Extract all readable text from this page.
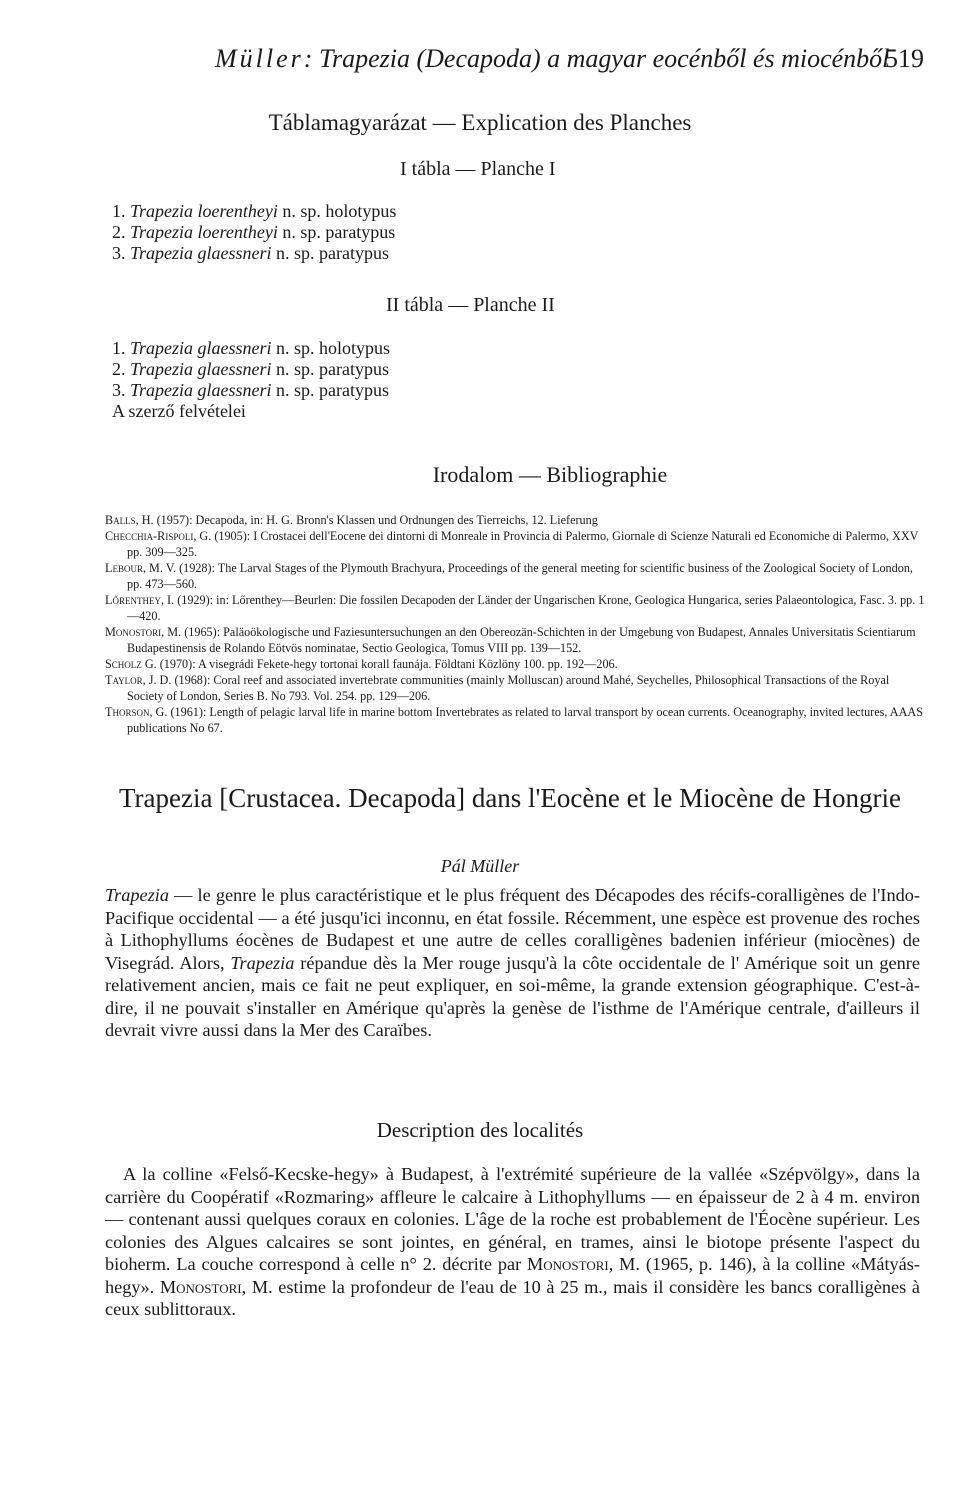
Müller: Trapezia (Decapoda) a magyar eocénből és miocénből
519
Táblamagyarázat — Explication des Planches
I tábla — Planche I
1. Trapezia loerentheyi n. sp. holotypus
2. Trapezia loerentheyi n. sp. paratypus
3. Trapezia glaessneri n. sp. paratypus
II tábla — Planche II
1. Trapezia glaessneri n. sp. holotypus
2. Trapezia glaessneri n. sp. paratypus
3. Trapezia glaessneri n. sp. paratypus
A szerző felvételei
Irodalom — Bibliographie

Balls, H. (1957): Decapoda, in: H. G. Bronn's Klassen und Ordnungen des Tierreichs, 12. Lieferung

Checchia-Rispoli, G. (1905): I Crostacei dell'Eocene dei dintorni di Monreale in Provincia di Palermo, Giornale di Scienze Naturali ed Economiche di Palermo, XXV pp. 309—325.

Lebour, M. V. (1928): The Larval Stages of the Plymouth Brachyura, Proceedings of the general meeting for scientific business of the Zoological Society of London, pp. 473—560.

Lőrenthey, I. (1929): in: Lőrenthey—Beurlen: Die fossilen Decapoden der Länder der Ungarischen Krone, Geologica Hungarica, series Palaeontologica, Fasc. 3. pp. 1—420.

Monostori, M. (1965): Paläoökologische und Faziesuntersuchungen an den Obereozän-Schichten in der Umgebung von Budapest, Annales Universitatis Scientiarum Budapestinensis de Rolando Eötvös nominatae, Sectio Geologica, Tomus VIII pp. 139—152.

Scholz G. (1970): A visegrádi Fekete-hegy tortonai korall faunája. Földtani Közlöny 100. pp. 192—206.

Taylor, J. D. (1968): Coral reef and associated invertebrate communities (mainly Molluscan) around Mahé, Seychelles, Philosophical Transactions of the Royal Society of London, Series B. No 793. Vol. 254. pp. 129—206.

Thorson, G. (1961): Length of pelagic larval life in marine bottom Invertebrates as related to larval transport by ocean currents. Oceanography, invited lectures, AAAS publications No 67.

Trapezia [Crustacea. Decapoda] dans l'Eocène et le Miocène de Hongrie
Pál Müller

Trapezia — le genre le plus caractéristique et le plus fréquent des Décapodes des récifs-coralligènes de l'Indo-Pacifique occidental — a été jusqu'ici inconnu, en état fossile. Récemment, une espèce est provenue des roches à Lithophyllums éocènes de Budapest et une autre de celles coralligènes badenien inférieur (miocènes) de Visegrád. Alors, Trapezia répandue dès la Mer rouge jusqu'à la côte occidentale de l' Amérique soit un genre relativement ancien, mais ce fait ne peut expliquer, en soi-même, la grande extension géographique. C'est-à-dire, il ne pouvait s'installer en Amérique qu'après la genèse de l'isthme de l'Amérique centrale, d'ailleurs il devrait vivre aussi dans la Mer des Caraïbes.

Description des localités

A la colline «Felső-Kecske-hegy» à Budapest, à l'extrémité supérieure de la vallée «Szépvölgy», dans la carrière du Coopératif «Rozmaring» affleure le calcaire à Lithophyllums — en épaisseur de 2 à 4 m. environ — contenant aussi quelques coraux en colonies. L'âge de la roche est probablement de l'Éocène supérieur. Les colonies des Algues calcaires se sont jointes, en général, en trames, ainsi le biotope présente l'aspect du bioherm. La couche correspond à celle n° 2. décrite par Monostori, M. (1965, p. 146), à la colline «Mátyás-hegy». Monostori, M. estime la profondeur de l'eau de 10 à 25 m., mais il considère les bancs coralligènes à ceux sublittoraux.
